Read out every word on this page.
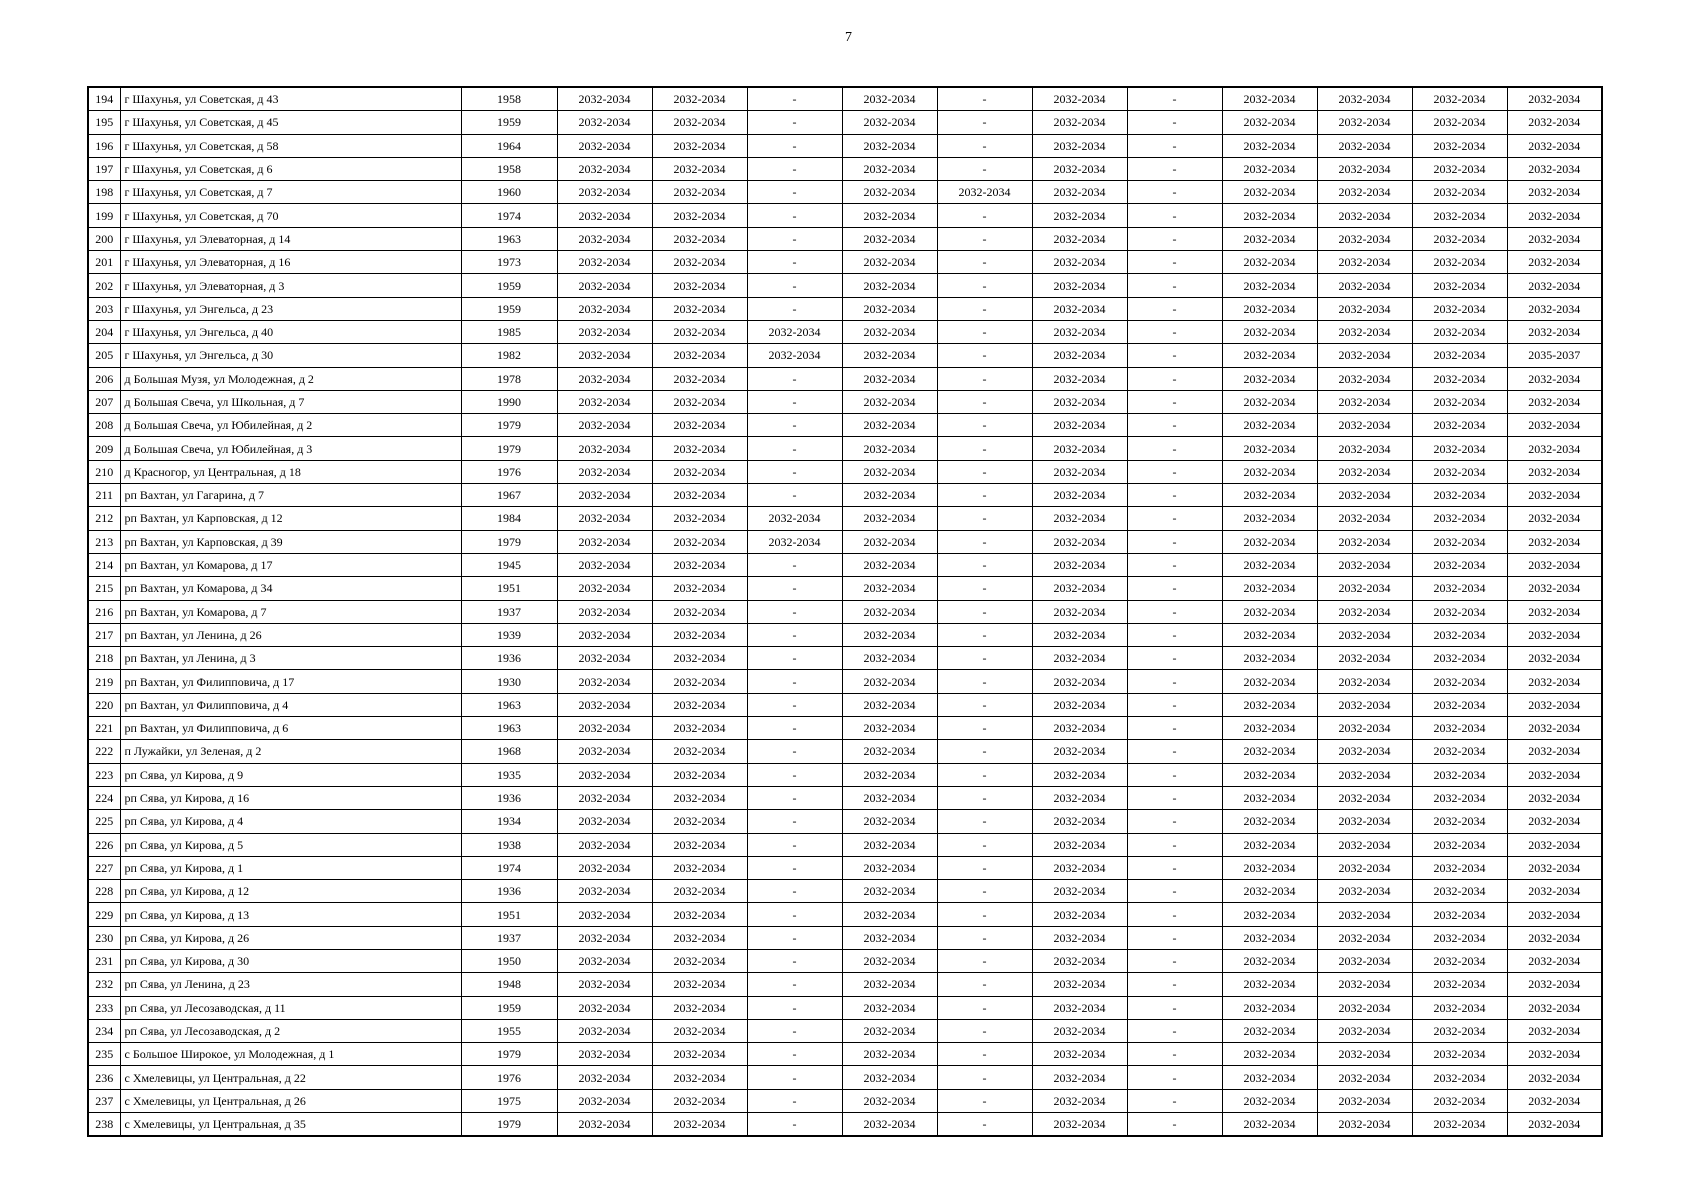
7
194	г Шахунья, ул Советская, д 43	1958	2032-2034	2032-2034	-	2032-2034	-	2032-2034	-	2032-2034	2032-2034	2032-2034	2032-2034
195	г Шахунья, ул Советская, д 45	1959	2032-2034	2032-2034	-	2032-2034	-	2032-2034	-	2032-2034	2032-2034	2032-2034	2032-2034
196	г Шахунья, ул Советская, д 58	1964	2032-2034	2032-2034	-	2032-2034	-	2032-2034	-	2032-2034	2032-2034	2032-2034	2032-2034
197	г Шахунья, ул Советская, д 6	1958	2032-2034	2032-2034	-	2032-2034	-	2032-2034	-	2032-2034	2032-2034	2032-2034	2032-2034
198	г Шахунья, ул Советская, д 7	1960	2032-2034	2032-2034	-	2032-2034	2032-2034	2032-2034	-	2032-2034	2032-2034	2032-2034	2032-2034
199	г Шахунья, ул Советская, д 70	1974	2032-2034	2032-2034	-	2032-2034	-	2032-2034	-	2032-2034	2032-2034	2032-2034	2032-2034
200	г Шахунья, ул Элеваторная, д 14	1963	2032-2034	2032-2034	-	2032-2034	-	2032-2034	-	2032-2034	2032-2034	2032-2034	2032-2034
201	г Шахунья, ул Элеваторная, д 16	1973	2032-2034	2032-2034	-	2032-2034	-	2032-2034	-	2032-2034	2032-2034	2032-2034	2032-2034
202	г Шахунья, ул Элеваторная, д 3	1959	2032-2034	2032-2034	-	2032-2034	-	2032-2034	-	2032-2034	2032-2034	2032-2034	2032-2034
203	г Шахунья, ул Энгельса, д 23	1959	2032-2034	2032-2034	-	2032-2034	-	2032-2034	-	2032-2034	2032-2034	2032-2034	2032-2034
204	г Шахунья, ул Энгельса, д 40	1985	2032-2034	2032-2034	2032-2034	2032-2034	-	2032-2034	-	2032-2034	2032-2034	2032-2034	2032-2034
205	г Шахунья, ул Энгельса, д 30	1982	2032-2034	2032-2034	2032-2034	2032-2034	-	2032-2034	-	2032-2034	2032-2034	2032-2034	2035-2037
206	д Большая Музя, ул Молодежная, д 2	1978	2032-2034	2032-2034	-	2032-2034	-	2032-2034	-	2032-2034	2032-2034	2032-2034	2032-2034
207	д Большая Свеча, ул Школьная, д 7	1990	2032-2034	2032-2034	-	2032-2034	-	2032-2034	-	2032-2034	2032-2034	2032-2034	2032-2034
208	д Большая Свеча, ул Юбилейная, д 2	1979	2032-2034	2032-2034	-	2032-2034	-	2032-2034	-	2032-2034	2032-2034	2032-2034	2032-2034
209	д Большая Свеча, ул Юбилейная, д 3	1979	2032-2034	2032-2034	-	2032-2034	-	2032-2034	-	2032-2034	2032-2034	2032-2034	2032-2034
210	д Красногор, ул Центральная, д 18	1976	2032-2034	2032-2034	-	2032-2034	-	2032-2034	-	2032-2034	2032-2034	2032-2034	2032-2034
211	рп Вахтан, ул Гагарина, д 7	1967	2032-2034	2032-2034	-	2032-2034	-	2032-2034	-	2032-2034	2032-2034	2032-2034	2032-2034
212	рп Вахтан, ул Карповская, д 12	1984	2032-2034	2032-2034	2032-2034	2032-2034	-	2032-2034	-	2032-2034	2032-2034	2032-2034	2032-2034
213	рп Вахтан, ул Карповская, д 39	1979	2032-2034	2032-2034	2032-2034	2032-2034	-	2032-2034	-	2032-2034	2032-2034	2032-2034	2032-2034
214	рп Вахтан, ул Комарова, д 17	1945	2032-2034	2032-2034	-	2032-2034	-	2032-2034	-	2032-2034	2032-2034	2032-2034	2032-2034
215	рп Вахтан, ул Комарова, д 34	1951	2032-2034	2032-2034	-	2032-2034	-	2032-2034	-	2032-2034	2032-2034	2032-2034	2032-2034
216	рп Вахтан, ул Комарова, д 7	1937	2032-2034	2032-2034	-	2032-2034	-	2032-2034	-	2032-2034	2032-2034	2032-2034	2032-2034
217	рп Вахтан, ул Ленина, д 26	1939	2032-2034	2032-2034	-	2032-2034	-	2032-2034	-	2032-2034	2032-2034	2032-2034	2032-2034
218	рп Вахтан, ул Ленина, д 3	1936	2032-2034	2032-2034	-	2032-2034	-	2032-2034	-	2032-2034	2032-2034	2032-2034	2032-2034
219	рп Вахтан, ул Филипповича, д 17	1930	2032-2034	2032-2034	-	2032-2034	-	2032-2034	-	2032-2034	2032-2034	2032-2034	2032-2034
220	рп Вахтан, ул Филипповича, д 4	1963	2032-2034	2032-2034	-	2032-2034	-	2032-2034	-	2032-2034	2032-2034	2032-2034	2032-2034
221	рп Вахтан, ул Филипповича, д 6	1963	2032-2034	2032-2034	-	2032-2034	-	2032-2034	-	2032-2034	2032-2034	2032-2034	2032-2034
222	п Лужайки, ул Зеленая, д 2	1968	2032-2034	2032-2034	-	2032-2034	-	2032-2034	-	2032-2034	2032-2034	2032-2034	2032-2034
223	рп Сява, ул Кирова, д 9	1935	2032-2034	2032-2034	-	2032-2034	-	2032-2034	-	2032-2034	2032-2034	2032-2034	2032-2034
224	рп Сява, ул Кирова, д 16	1936	2032-2034	2032-2034	-	2032-2034	-	2032-2034	-	2032-2034	2032-2034	2032-2034	2032-2034
225	рп Сява, ул Кирова, д 4	1934	2032-2034	2032-2034	-	2032-2034	-	2032-2034	-	2032-2034	2032-2034	2032-2034	2032-2034
226	рп Сява, ул Кирова, д 5	1938	2032-2034	2032-2034	-	2032-2034	-	2032-2034	-	2032-2034	2032-2034	2032-2034	2032-2034
227	рп Сява, ул Кирова, д 1	1974	2032-2034	2032-2034	-	2032-2034	-	2032-2034	-	2032-2034	2032-2034	2032-2034	2032-2034
228	рп Сява, ул Кирова, д 12	1936	2032-2034	2032-2034	-	2032-2034	-	2032-2034	-	2032-2034	2032-2034	2032-2034	2032-2034
229	рп Сява, ул Кирова, д 13	1951	2032-2034	2032-2034	-	2032-2034	-	2032-2034	-	2032-2034	2032-2034	2032-2034	2032-2034
230	рп Сява, ул Кирова, д 26	1937	2032-2034	2032-2034	-	2032-2034	-	2032-2034	-	2032-2034	2032-2034	2032-2034	2032-2034
231	рп Сява, ул Кирова, д 30	1950	2032-2034	2032-2034	-	2032-2034	-	2032-2034	-	2032-2034	2032-2034	2032-2034	2032-2034
232	рп Сява, ул Ленина, д 23	1948	2032-2034	2032-2034	-	2032-2034	-	2032-2034	-	2032-2034	2032-2034	2032-2034	2032-2034
233	рп Сява, ул Лесозаводская, д 11	1959	2032-2034	2032-2034	-	2032-2034	-	2032-2034	-	2032-2034	2032-2034	2032-2034	2032-2034
234	рп Сява, ул Лесозаводская, д 2	1955	2032-2034	2032-2034	-	2032-2034	-	2032-2034	-	2032-2034	2032-2034	2032-2034	2032-2034
235	с Большое Широкое, ул Молодежная, д 1	1979	2032-2034	2032-2034	-	2032-2034	-	2032-2034	-	2032-2034	2032-2034	2032-2034	2032-2034
236	с Хмелевицы, ул Центральная, д 22	1976	2032-2034	2032-2034	-	2032-2034	-	2032-2034	-	2032-2034	2032-2034	2032-2034	2032-2034
237	с Хмелевицы, ул Центральная, д 26	1975	2032-2034	2032-2034	-	2032-2034	-	2032-2034	-	2032-2034	2032-2034	2032-2034	2032-2034
238	с Хмелевицы, ул Центральная, д 35	1979	2032-2034	2032-2034	-	2032-2034	-	2032-2034	-	2032-2034	2032-2034	2032-2034	2032-2034
